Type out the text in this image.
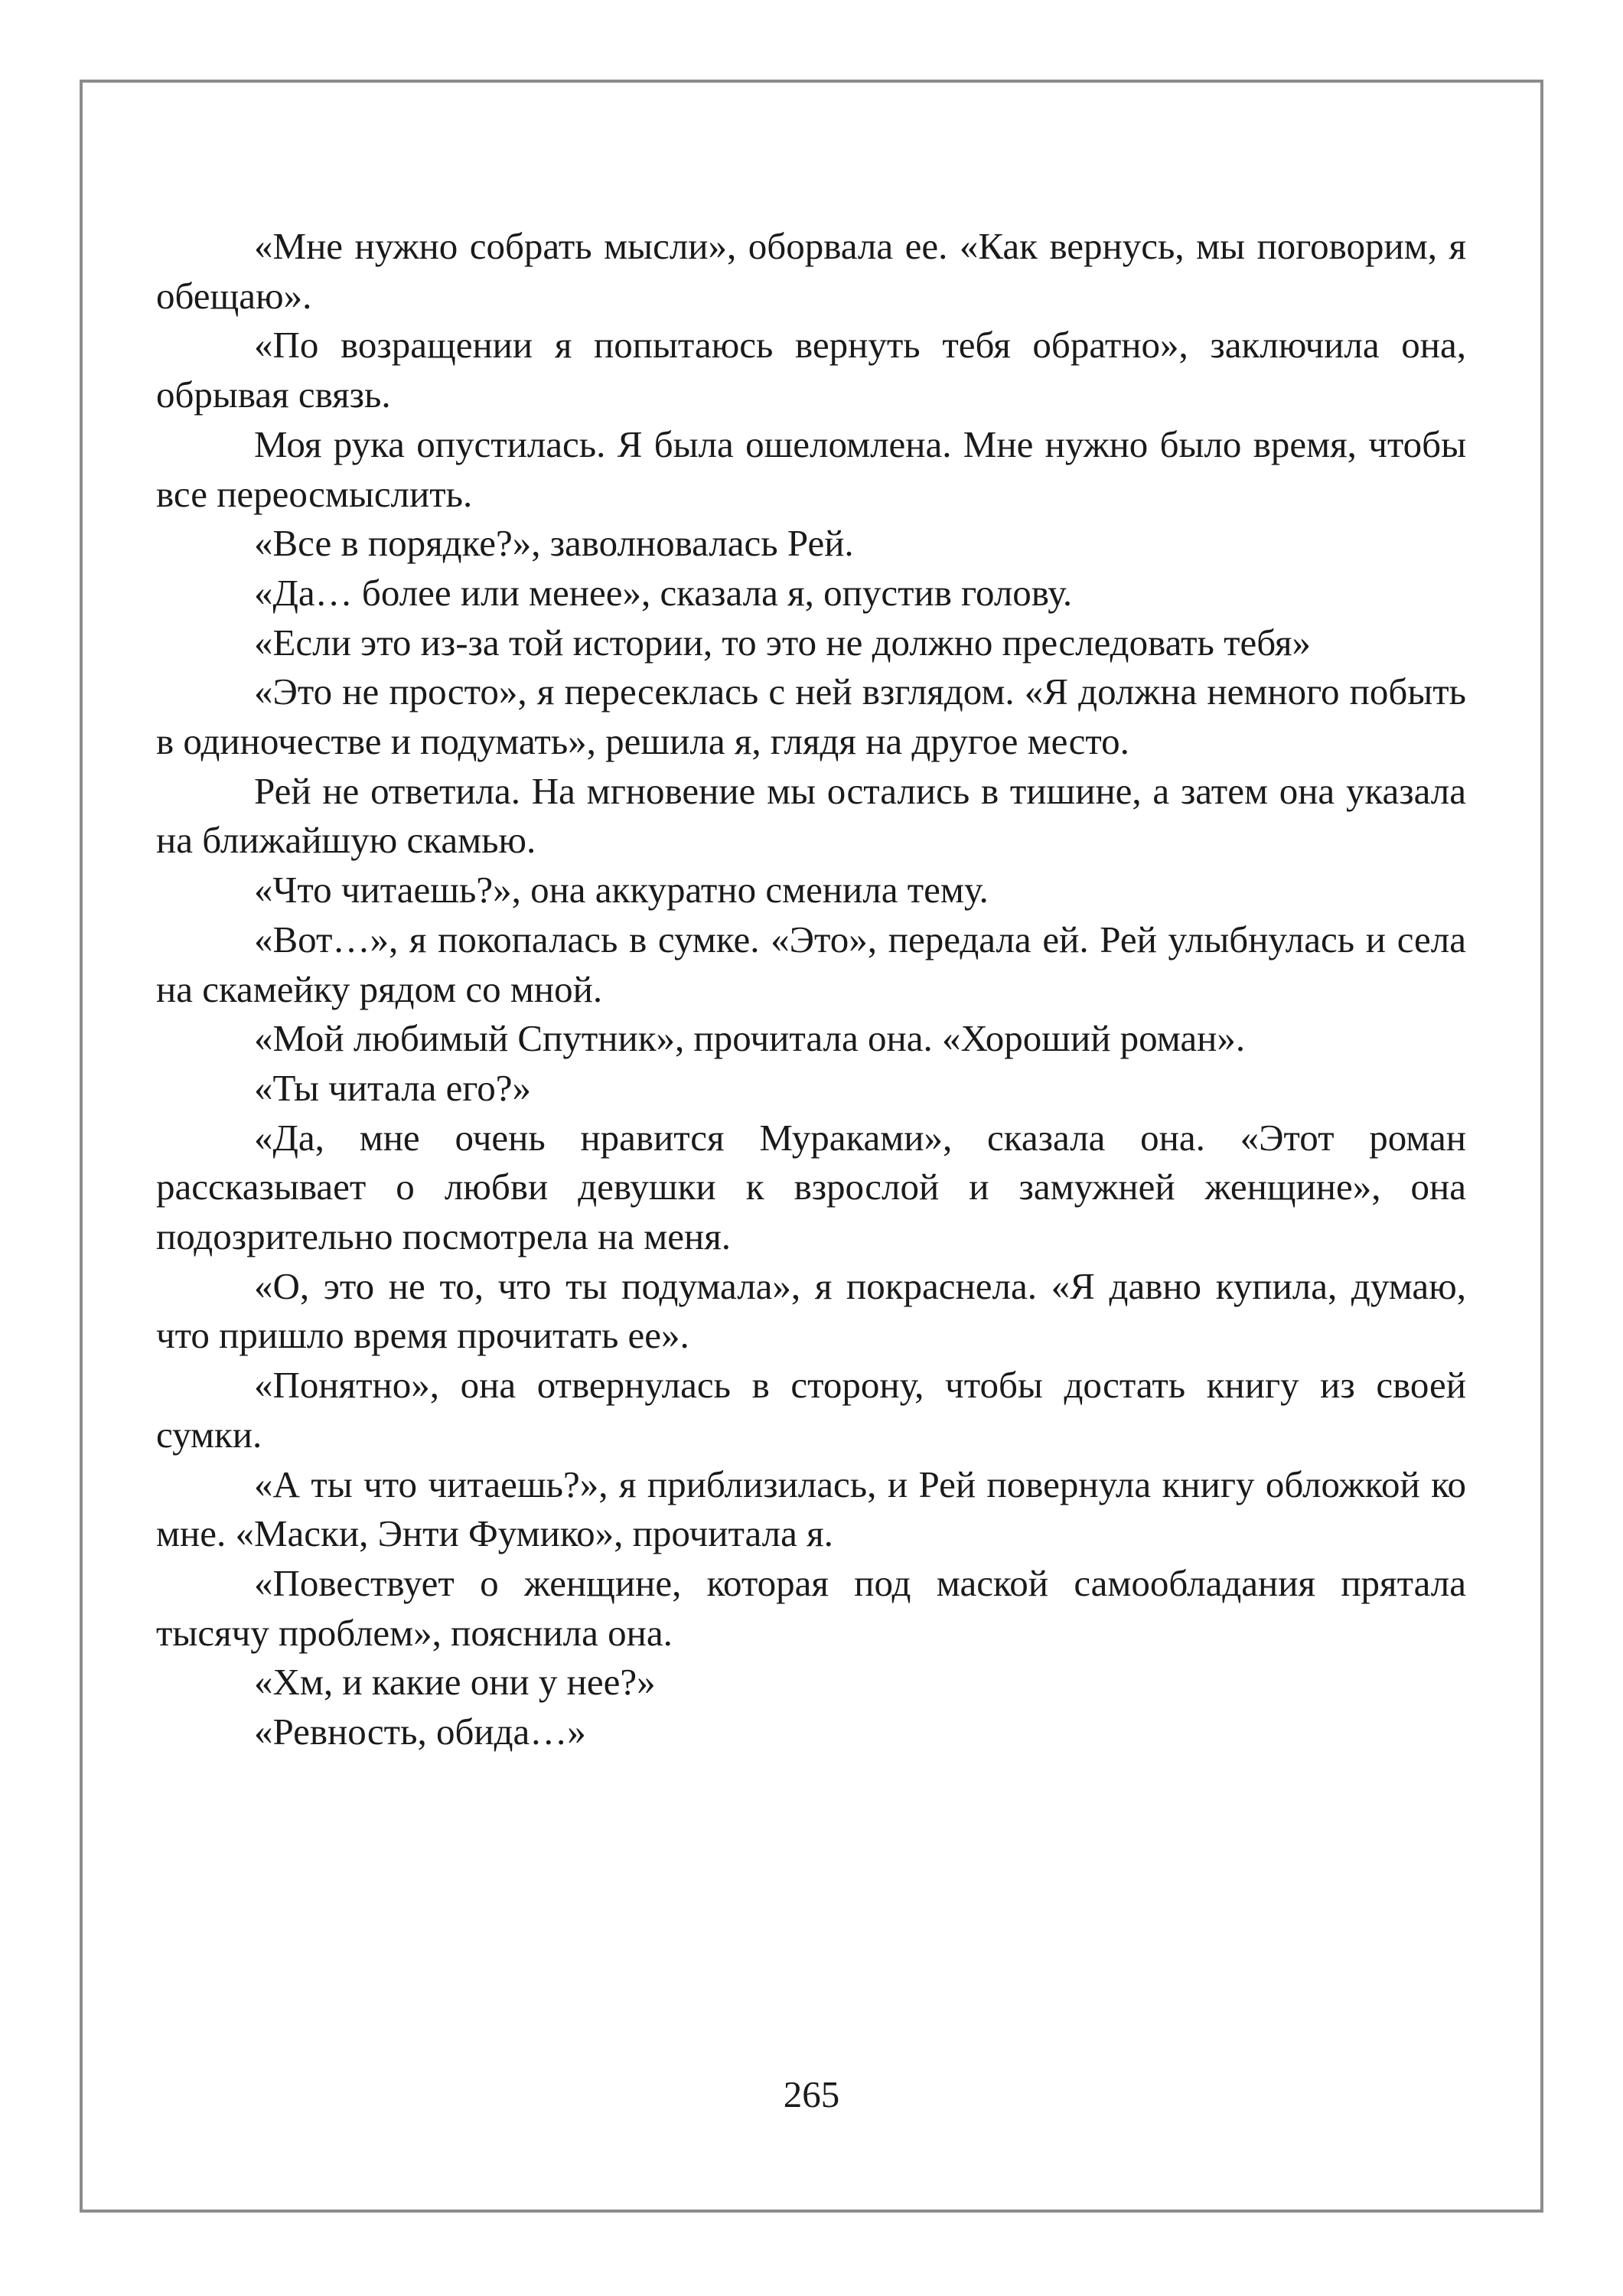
«Мне нужно собрать мысли», оборвала ее. «Как вернусь, мы поговорим, я обещаю».

«По возращении я попытаюсь вернуть тебя обратно», заключила она, обрывая связь.

Моя рука опустилась. Я была ошеломлена. Мне нужно было время, чтобы все переосмыслить.

«Все в порядке?», заволновалась Рей.

«Да… более или менее», сказала я, опустив голову.

«Если это из-за той истории, то это не должно преследовать тебя»

«Это не просто», я пересеклась с ней взглядом. «Я должна немного побыть в одиночестве и подумать», решила я, глядя на другое место.

Рей не ответила. На мгновение мы остались в тишине, а затем она указала на ближайшую скамью.

«Что читаешь?», она аккуратно сменила тему.

«Вот…», я покопалась в сумке. «Это», передала ей. Рей улыбнулась и села на скамейку рядом со мной.

«Мой любимый Спутник», прочитала она. «Хороший роман».

«Ты читала его?»

«Да, мне очень нравится Мураками», сказала она. «Этот роман рассказывает о любви девушки к взрослой и замужней женщине», она подозрительно посмотрела на меня.

«О, это не то, что ты подумала», я покраснела. «Я давно купила, думаю, что пришло время прочитать ее».

«Понятно», она отвернулась в сторону, чтобы достать книгу из своей сумки.

«А ты что читаешь?», я приблизилась, и Рей повернула книгу обложкой ко мне. «Маски, Энти Фумико», прочитала я.

«Повествует о женщине, которая под маской самообладания прятала тысячу проблем», пояснила она.

«Хм, и какие они у нее?»

«Ревность, обида…»

265
